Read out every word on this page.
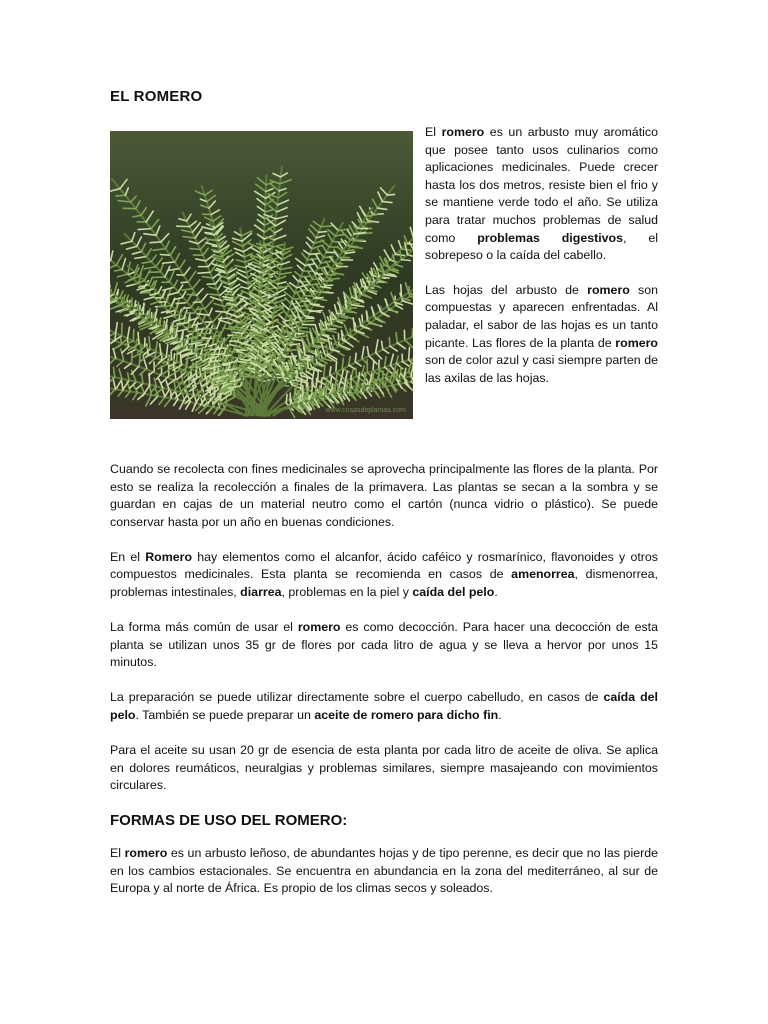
EL ROMERO
www.cosasdeplantas.com

El romero es un arbusto muy aromático que posee tanto usos culinarios como aplicaciones medicinales. Puede crecer hasta los dos metros, resiste bien el frio y se mantiene verde todo el año. Se utiliza para tratar muchos problemas de salud como problemas digestivos, el sobrepeso o la caída del cabello.

Las hojas del arbusto de romero son compuestas y aparecen enfrentadas. Al paladar, el sabor de las hojas es un tanto picante. Las flores de la planta de romero son de color azul y casi siempre parten de las axilas de las hojas.

Cuando se recolecta con fines medicinales se aprovecha principalmente las flores de la planta. Por esto se realiza la recolección a finales de la primavera. Las plantas se secan a la sombra y se guardan en cajas de un material neutro como el cartón (nunca vidrio o plástico). Se puede conservar hasta por un año en buenas condiciones.

En el Romero hay elementos como el alcanfor, ácido caféico y rosmarínico, flavonoides y otros compuestos medicinales. Esta planta se recomienda en casos de amenorrea, dismenorrea, problemas intestinales, diarrea, problemas en la piel y caída del pelo.

La forma más común de usar el romero es como decocción. Para hacer una decocción de esta planta se utilizan unos 35 gr de flores por cada litro de agua y se lleva a hervor por unos 15 minutos.

La preparación se puede utilizar directamente sobre el cuerpo cabelludo, en casos de caída del pelo. También se puede preparar un aceite de romero para dicho fin.

Para el aceite su usan 20 gr de esencia de esta planta por cada litro de aceite de oliva. Se aplica en dolores reumáticos, neuralgias y problemas similares, siempre masajeando con movimientos circulares.

FORMAS DE USO DEL ROMERO:

El romero es un arbusto leñoso, de abundantes hojas y de tipo perenne, es decir que no las pierde en los cambios estacionales. Se encuentra en abundancia en la zona del mediterráneo, al sur de Europa y al norte de África. Es propio de los climas secos y soleados.
